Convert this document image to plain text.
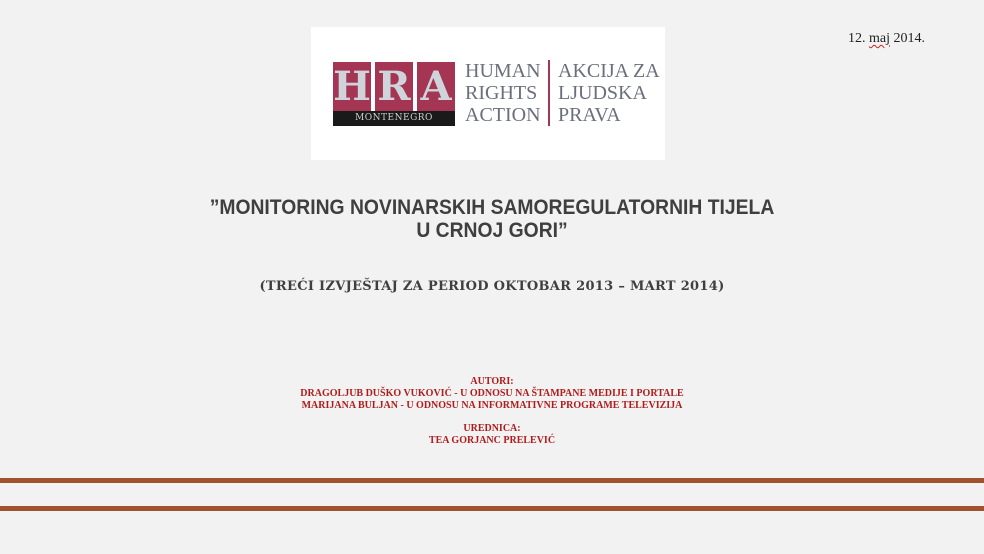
12. maj 2014.
H R A
MONTENEGRO
HUMAN
RIGHTS
ACTION
AKCIJA ZA
LJUDSKA
PRAVA
”MONITORING NOVINARSKIH SAMOREGULATORNIH TIJELA
U CRNOJ GORI”
(TREĆI IZVJEŠTAJ ZA PERIOD OKTOBAR 2013 – MART 2014)
AUTORI:
DRAGOLJUB DUŠKO VUKOVIĆ - U ODNOSU NA ŠTAMPANE MEDIJE I PORTALE
MARIJANA BULJAN - U ODNOSU NA INFORMATIVNE PROGRAME TELEVIZIJA
UREDNICA:
TEA GORJANC PRELEVIĆ
